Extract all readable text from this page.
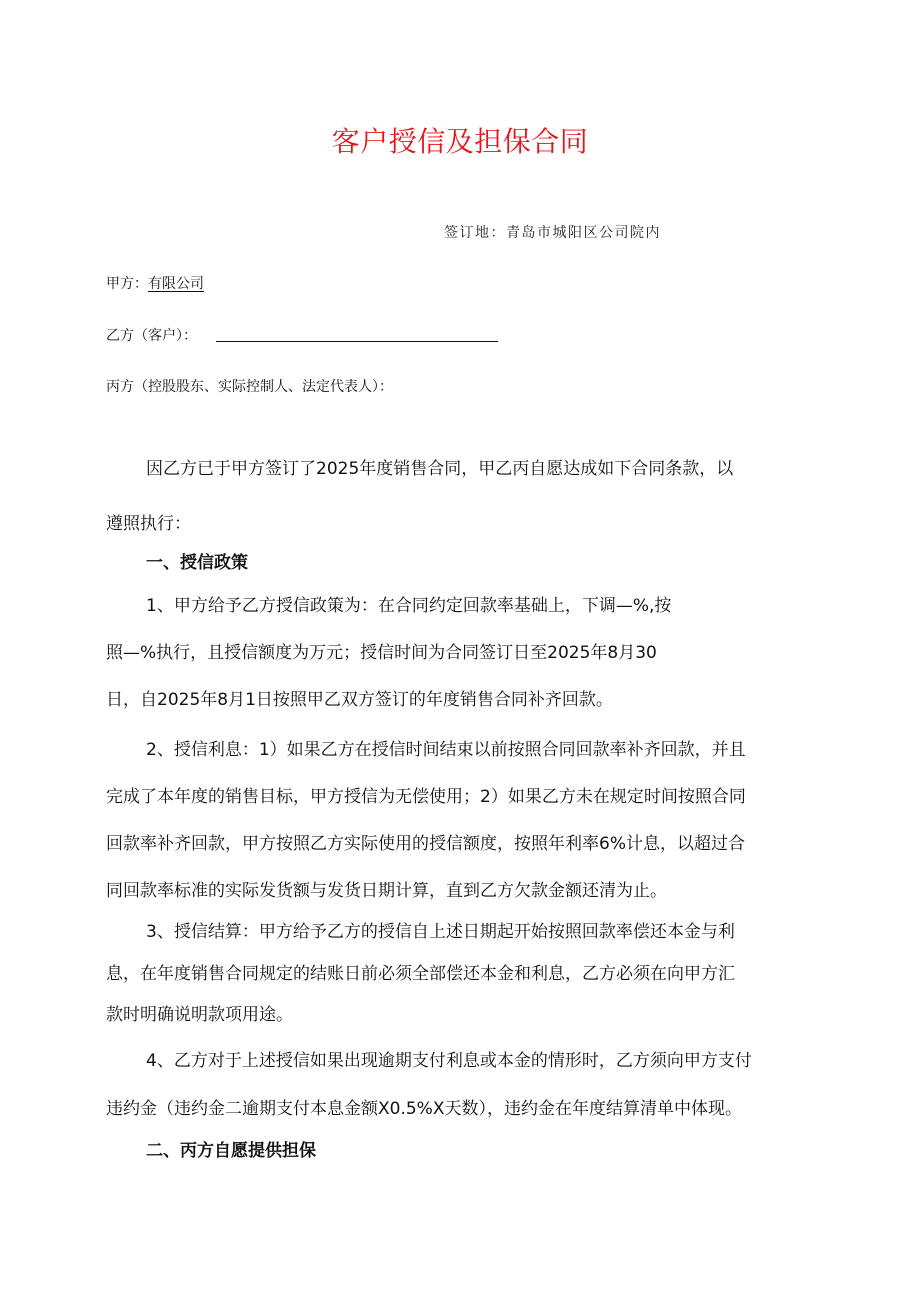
客户授信及担保合同
签订地：青岛市城阳区公司院内
甲方：有限公司
乙方（客户）：
丙方（控股股东、实际控制人、法定代表人）：
因乙方已于甲方签订了2025年度销售合同，甲乙丙自愿达成如下合同条款，以
遵照执行：
一、授信政策
1、甲方给予乙方授信政策为：在合同约定回款率基础上，下调—%,按
照—%执行，且授信额度为万元；授信时间为合同签订日至2025年8月30
日，自2025年8月1日按照甲乙双方签订的年度销售合同补齐回款。
2、授信利息：1）如果乙方在授信时间结束以前按照合同回款率补齐回款，并且
完成了本年度的销售目标，甲方授信为无偿使用；2）如果乙方未在规定时间按照合同
回款率补齐回款，甲方按照乙方实际使用的授信额度，按照年利率6%计息，以超过合
同回款率标准的实际发货额与发货日期计算，直到乙方欠款金额还清为止。
3、授信结算：甲方给予乙方的授信自上述日期起开始按照回款率偿还本金与利
息，在年度销售合同规定的结账日前必须全部偿还本金和利息，乙方必须在向甲方汇
款时明确说明款项用途。
4、乙方对于上述授信如果出现逾期支付利息或本金的情形时，乙方须向甲方支付
违约金（违约金二逾期支付本息金额X0.5%X天数），违约金在年度结算清单中体现。
二、丙方自愿提供担保
